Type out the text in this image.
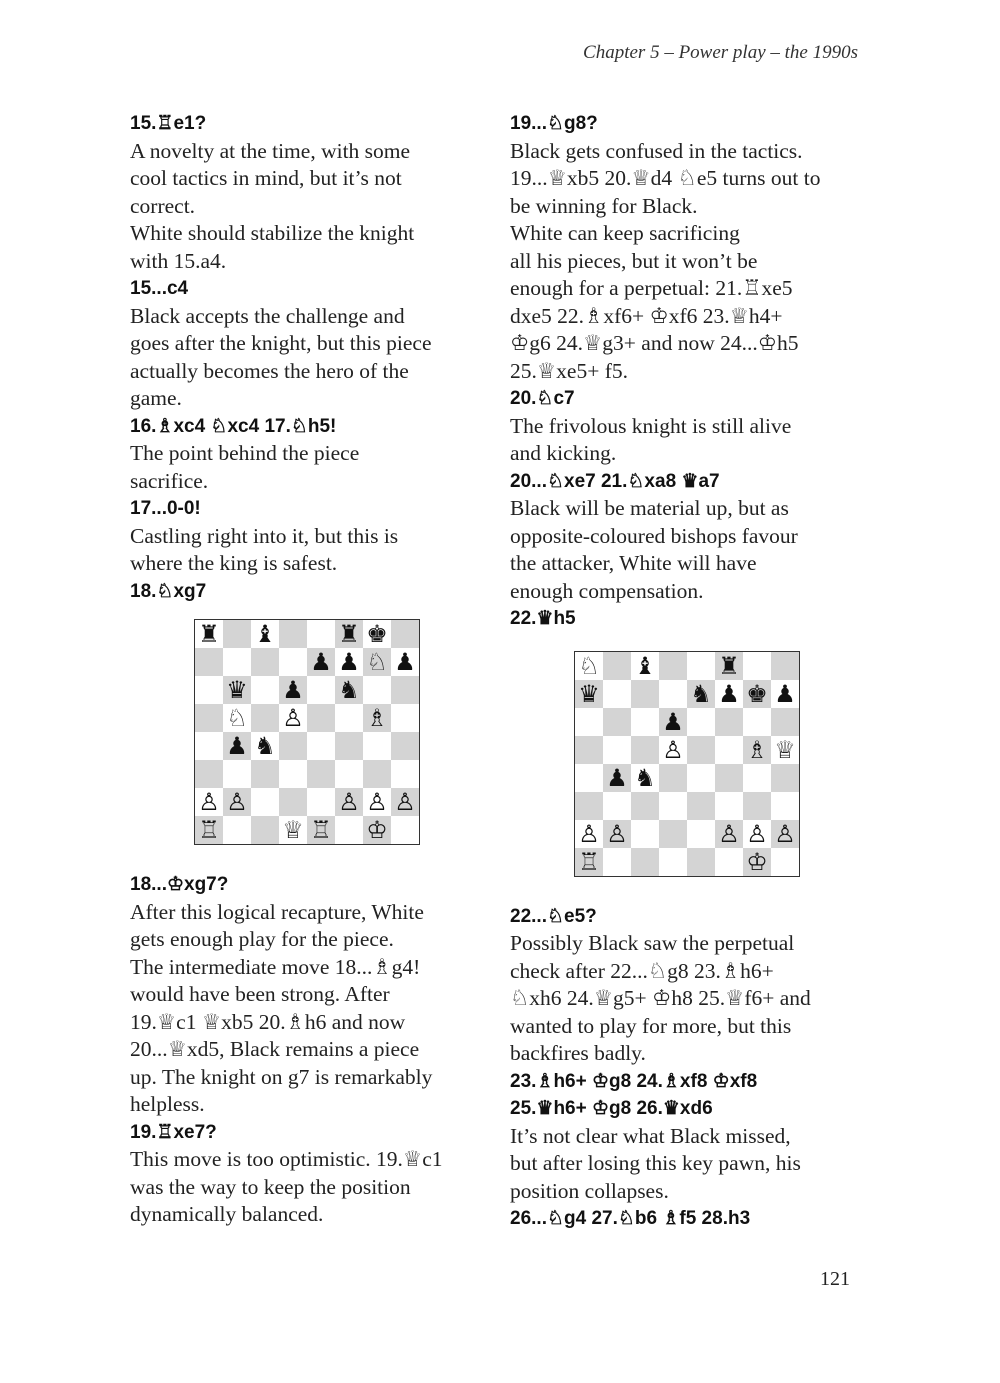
Chapter 5 – Power play – the 1990s
15.♖e1?
A novelty at the time, with some
cool tactics in mind, but it’s not
correct.
White should stabilize the knight
with 15.a4.
15...c4
Black accepts the challenge and
goes after the knight, but this piece
actually becomes the hero of the
game.
16.♗xc4 ♘xc4 17.♘h5!
The point behind the piece
sacrifice.
17...0-0!
Castling right into it, but this is
where the king is safest.
18.♘xg7
♜ ♝	♜ ♚
♟ ♟ ♘ ♟
♛ ♟ ♞
♘ ♙	♗
♟ ♞
♙ ♙	♙ ♙ ♙
♖	♕ ♖ ♔
18...♔xg7?
After this logical recapture, White
gets enough play for the piece.
The intermediate move 18...♗g4!
would have been strong. After
19.♕c1 ♕xb5 20.♗h6 and now
20...♕xd5, Black remains a piece
up. The knight on g7 is remarkably
helpless.
19.♖xe7?
This move is too optimistic. 19.♕c1
was the way to keep the position
dynamically balanced.
19...♘g8?
Black gets confused in the tactics.
19...♕xb5 20.♕d4 ♘e5 turns out to
be winning for Black.
White can keep sacrificing
all his pieces, but it won’t be
enough for a perpetual: 21.♖xe5
dxe5 22.♗xf6+ ♔xf6 23.♕h4+
♔g6 24.♕g3+ and now 24...♔h5
25.♕xe5+ f5.
20.♘c7
The frivolous knight is still alive
and kicking.
20...♘xe7 21.♘xa8 ♛a7
Black will be material up, but as
opposite-coloured bishops favour
the attacker, White will have
enough compensation.
22.♛h5
♘ ♝	♜
♛	♞ ♟ ♚ ♟
♟
♙	♗ ♕
♟ ♞
♙ ♙	♙ ♙ ♙
♖	♔
22...♘e5?
Possibly Black saw the perpetual
check after 22...♘g8 23.♗h6+
♘xh6 24.♕g5+ ♔h8 25.♕f6+ and
wanted to play for more, but this
backfires badly.
23.♗h6+ ♔g8 24.♗xf8 ♔xf8
25.♛h6+ ♔g8 26.♛xd6
It’s not clear what Black missed,
but after losing this key pawn, his
position collapses.
26...♘g4 27.♘b6 ♗f5 28.h3
121
